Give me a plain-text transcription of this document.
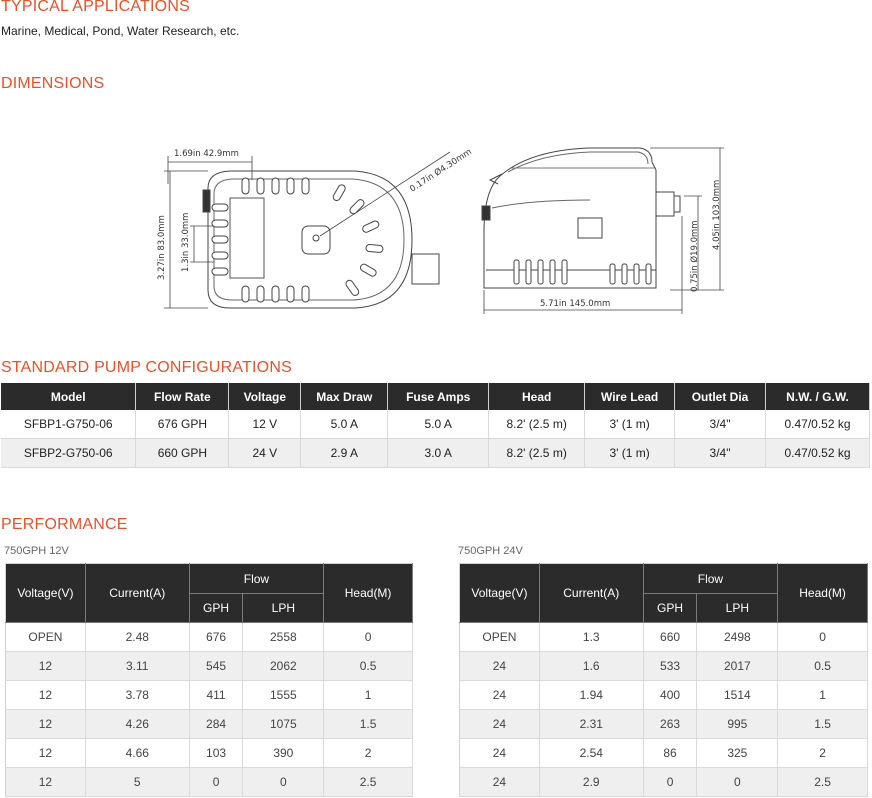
TYPICAL APPLICATIONS

Marine, Medical, Pond, Water Research, etc.

DIMENSIONS
1.69in 42.9mm	0.17in Ø4.30mm
3.27in 83.0mm 1.3in 33.0mm
5.71in 145.0mm
4.05in 103.0mm
0.75in Ø19.0mm
STANDARD PUMP CONFIGURATIONS
Model	Flow Rate	Voltage	Max Draw	Fuse Amps	Head	Wire Lead	Outlet Dia	N.W. / G.W.
SFBP1-G750-06	676 GPH	12 V	5.0 A	5.0 A	8.2' (2.5 m)	3' (1 m)	3/4"	0.47/0.52 kg
SFBP2-G750-06	660 GPH	24 V	2.9 A	3.0 A	8.2' (2.5 m)	3' (1 m)	3/4"	0.47/0.52 kg
PERFORMANCE

750GPH 12V	750GPH 24V

Voltage(V)	Current(A)	Flow		Head(M)
		GPH	LPH	
OPEN	2.48	676	2558	0
12	3.11	545	2062	0.5
12	3.78	411	1555	1
12	4.26	284	1075	1.5
12	4.66	103	390	2
12	5	0	0	2.5
Voltage(V)	Current(A)	Flow		Head(M)
		GPH	LPH	
OPEN	1.3	660	2498	0
24	1.6	533	2017	0.5
24	1.94	400	1514	1
24	2.31	263	995	1.5
24	2.54	86	325	2
24	2.9	0	0	2.5
